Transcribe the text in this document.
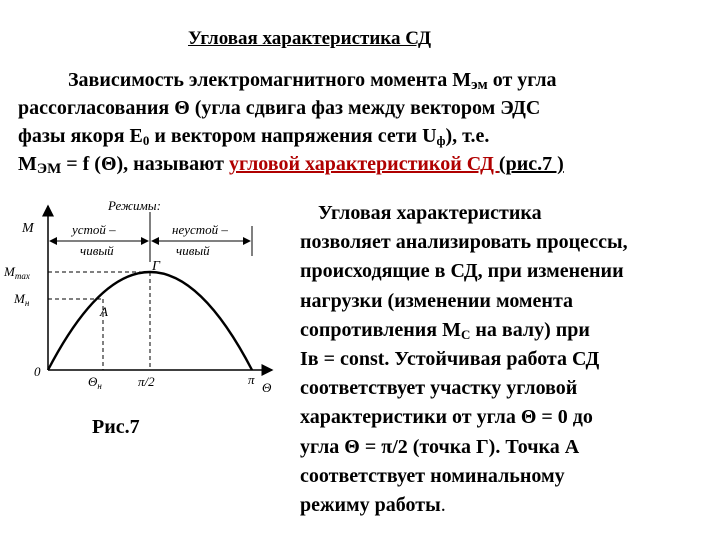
Угловая характеристика СД
Зависимость электромагнитного момента $М_{эм}$ от угла
рассогласования Θ (угла сдвига фаз между вектором ЭДС
фазы якоря $Е_0$ и вектором напряжения сети $U_ф$), т.е.
$М_{ЭМ} = f$ (Θ), называют угловой характеристикой СД (рис.7 )
Режимы:
устой –
чивый
неустой –
чивый
M
$M_{max}$
$M_н$
Г
A
0
$\Theta_н$	π/2	π
Θ
Рис.7
Угловая характеристика
позволяет анализировать процессы,
происходящие в СД, при изменении
нагрузки (изменении момента
сопротивления $М_С$ на валу) при
Iв = const. Устойчивая работа СД
соответствует участку угловой
характеристики от угла Θ = 0 до
угла Θ = π/2 (точка Г). Точка А
соответствует номинальному
режиму работы.
